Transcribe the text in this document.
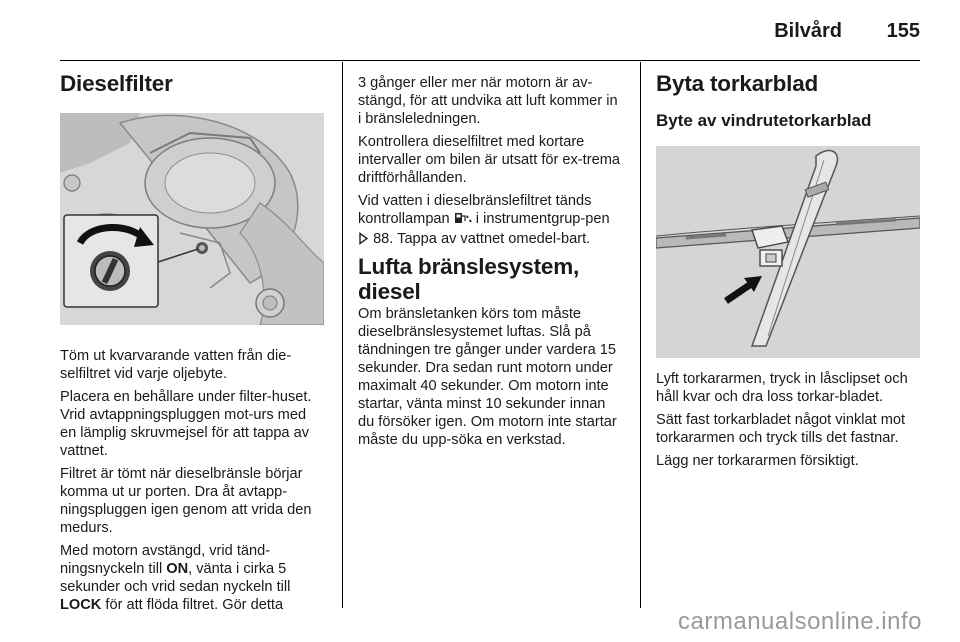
Bilvård 155
Dieselfilter

Töm ut kvarvarande vatten från die-selfiltret vid varje oljebyte.

Placera en behållare under filter-huset. Vrid avtappningspluggen mot-urs med en lämplig skruvmejsel för att tappa av vattnet.

Filtret är tömt när dieselbränsle börjar komma ut ur porten. Dra åt avtapp-ningspluggen igen genom att vrida den medurs.

Med motorn avstängd, vrid tänd-ningsnyckeln till ON, vänta i cirka 5 sekunder och vrid sedan nyckeln till LOCK för att flöda filtret. Gör detta

3 gånger eller mer när motorn är av-stängd, för att undvika att luft kommer in i bränsleledningen.

Kontrollera dieselfiltret med kortare intervaller om bilen är utsatt för ex-trema driftförhållanden.

Vid vatten i dieselbränslefiltret tänds kontrollampan  i instrumentgrup-pen  88. Tappa av vattnet omedel-bart.

Lufta bränslesystem, diesel

Om bränsletanken körs tom måste dieselbränslesystemet luftas. Slå på tändningen tre gånger under vardera 15 sekunder. Dra sedan runt motorn under maximalt 40 sekunder. Om motorn inte startar, vänta minst 10 sekunder innan du försöker igen. Om motorn inte startar måste du upp-söka en verkstad.

Byta torkarblad
Byte av vindrutetorkarblad

Lyft torkararmen, tryck in låsclipset och håll kvar och dra loss torkar-bladet.

Sätt fast torkarbladet något vinklat mot torkararmen och tryck tills det fastnar.

Lägg ner torkararmen försiktigt.

carmanualsonline.info
